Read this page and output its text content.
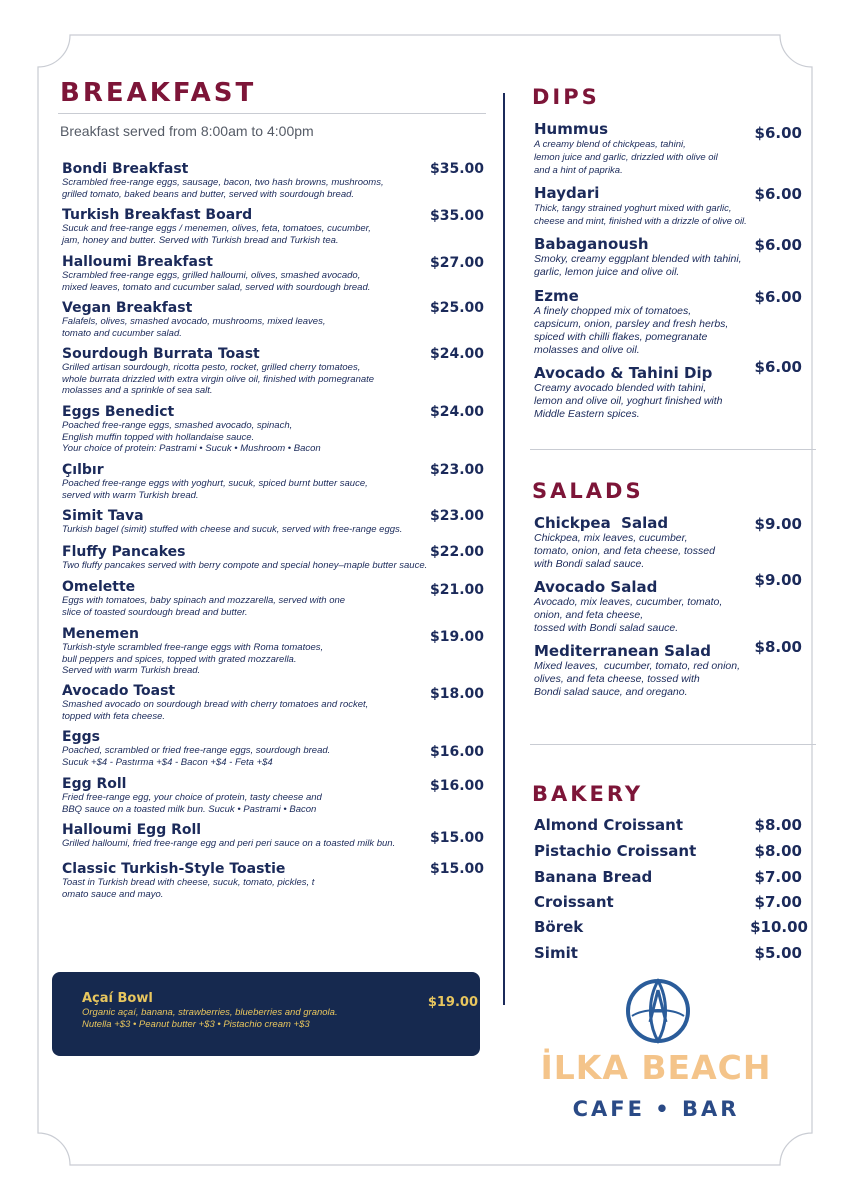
BREAKFAST
Breakfast served from 8:00am to 4:00pm
Bondi Breakfast
Scrambled free-range eggs, sausage, bacon, two hash browns, mushrooms,
grilled tomato, baked beans and butter, served with sourdough bread.
$35.00
Turkish Breakfast Board
Sucuk and free-range eggs / menemen, olives, feta, tomatoes, cucumber,
jam, honey and butter. Served with Turkish bread and Turkish tea.
$35.00
Halloumi Breakfast
Scrambled free-range eggs, grilled halloumi, olives, smashed avocado,
mixed leaves, tomato and cucumber salad, served with sourdough bread.
$27.00
Vegan Breakfast
Falafels, olives, smashed avocado, mushrooms, mixed leaves,
tomato and cucumber salad.
$25.00
Sourdough Burrata Toast
Grilled artisan sourdough, ricotta pesto, rocket, grilled cherry tomatoes,
whole burrata drizzled with extra virgin olive oil, finished with pomegranate
molasses and a sprinkle of sea salt.
$24.00
Eggs Benedict
Poached free-range eggs, smashed avocado, spinach,
English muffin topped with hollandaise sauce.
Your choice of protein: Pastrami • Sucuk • Mushroom • Bacon
$24.00
Çılbır
Poached free-range eggs with yoghurt, sucuk, spiced burnt butter sauce,
served with warm Turkish bread.
$23.00
Simit Tava
Turkish bagel (simit) stuffed with cheese and sucuk, served with free-range eggs.
$23.00
Fluffy Pancakes
Two fluffy pancakes served with berry compote and special honey–maple butter sauce.
$22.00
Omelette
Eggs with tomatoes, baby spinach and mozzarella, served with one
slice of toasted sourdough bread and butter.
$21.00
Menemen
Turkish-style scrambled free-range eggs with Roma tomatoes,
bull peppers and spices, topped with grated mozzarella.
Served with warm Turkish bread.
$19.00
Avocado Toast
Smashed avocado on sourdough bread with cherry tomatoes and rocket,
topped with feta cheese.
$18.00
Eggs
Poached, scrambled or fried free-range eggs, sourdough bread.
Sucuk +$4 - Pastırma +$4 - Bacon +$4 - Feta +$4
$16.00
Egg Roll
Fried free-range egg, your choice of protein, tasty cheese and
BBQ sauce on a toasted milk bun. Sucuk • Pastrami • Bacon
$16.00
Halloumi Egg Roll
Grilled halloumi, fried free-range egg and peri peri sauce on a toasted milk bun.	$15.00
Classic Turkish-Style Toastie
Toast in Turkish bread with cheese, sucuk, tomato, pickles, t
omato sauce and mayo.
$15.00
Açaí Bowl
Organic açaí, banana, strawberries, blueberries and granola.
Nutella +$3 • Peanut butter +$3 • Pistachio cream +$3
$19.00
DIPS
Hummus
A creamy blend of chickpeas, tahini,
lemon juice and garlic, drizzled with olive oil
and a hint of paprika.
$6.00
Haydari
Thick, tangy strained yoghurt mixed with garlic,
cheese and mint, finished with a drizzle of olive oil.
$6.00
Babaganoush
Smoky, creamy eggplant blended with tahini,
garlic, lemon juice and olive oil.
$6.00
Ezme
A finely chopped mix of tomatoes,
capsicum, onion, parsley and fresh herbs,
spiced with chilli flakes, pomegranate
molasses and olive oil.
$6.00
Avocado & Tahini Dip
Creamy avocado blended with tahini,
lemon and olive oil, yoghurt finished with
Middle Eastern spices.
$6.00
SALADS
Chickpea  Salad
Chickpea, mix leaves, cucumber,
tomato, onion, and feta cheese, tossed
with Bondi salad sauce.
$9.00
Avocado Salad
Avocado, mix leaves, cucumber, tomato,
onion, and feta cheese,
tossed with Bondi salad sauce.
$9.00
Mediterranean Salad
Mixed leaves,  cucumber, tomato, red onion,
olives, and feta cheese, tossed with
Bondi salad sauce, and oregano.
$8.00
BAKERY
Almond Croissant	$8.00
Pistachio Croissant	$8.00
Banana Bread	$7.00
Croissant	$7.00
Börek	$10.00
Simit	$5.00
İLKA BEACH
CAFE • BAR
